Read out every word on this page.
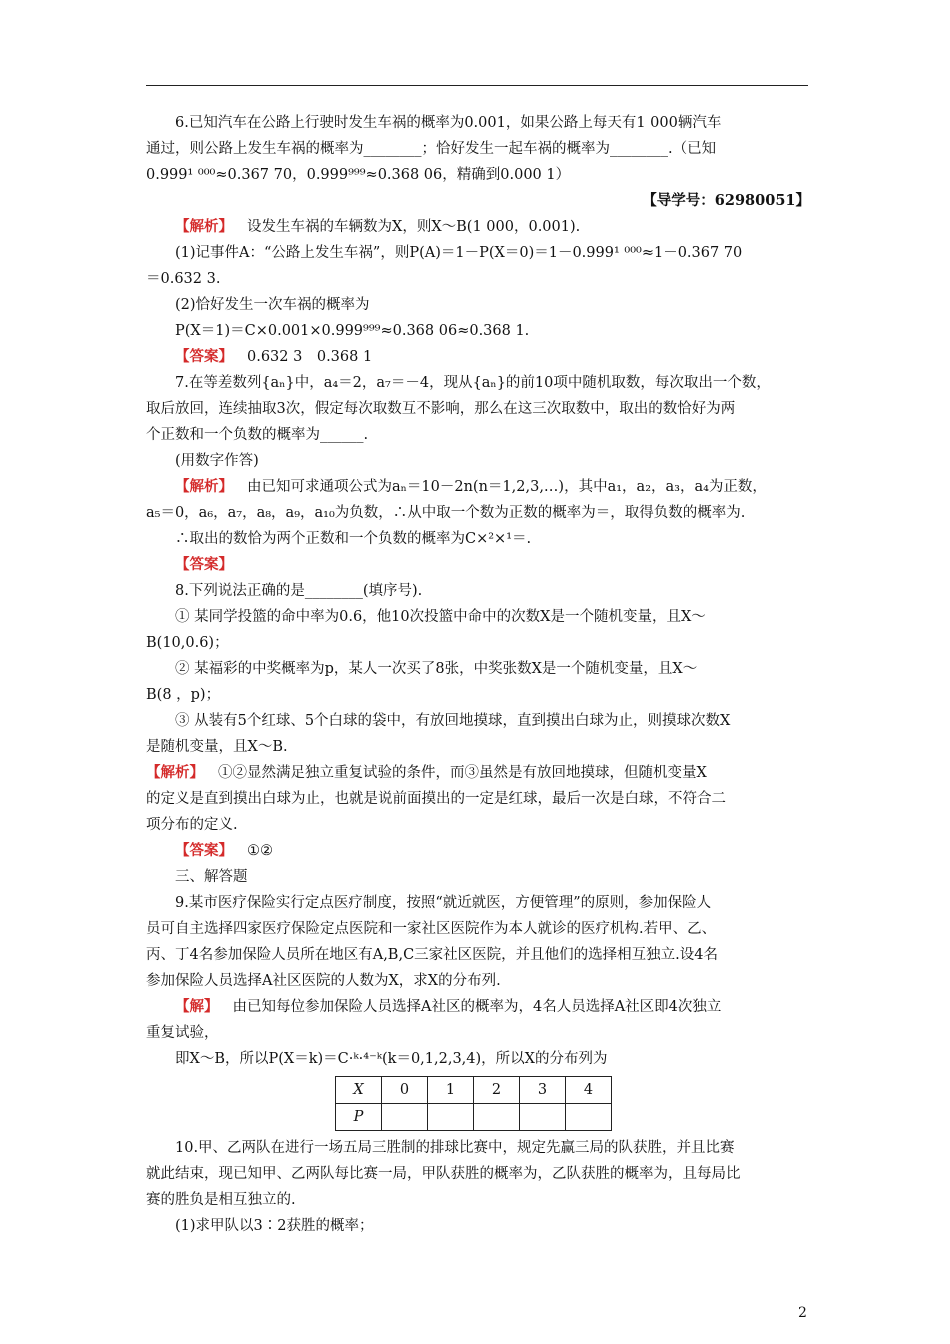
6.已知汽车在公路上行驶时发生车祸的概率为0.001，如果公路上每天有1 000辆汽车

通过，则公路上发生车祸的概率为________；恰好发生一起车祸的概率为________.（已知

0.999¹ ⁰⁰⁰≈0.367 70，0.999⁹⁹⁹≈0.368 06，精确到0.000 1）

【导学号：62980051】

【解析】 设发生车祸的车辆数为X，则X～B(1 000，0.001).

(1)记事件A：“公路上发生车祸”，则P(A)＝1－P(X＝0)＝1－0.999¹ ⁰⁰⁰≈1－0.367 70

＝0.632 3.

(2)恰好发生一次车祸的概率为

P(X＝1)＝C×0.001×0.999⁹⁹⁹≈0.368 06≈0.368 1.

【答案】 0.632 3　0.368 1

7.在等差数列{aₙ}中，a₄＝2，a₇＝－4，现从{aₙ}的前10项中随机取数，每次取出一个数，

取后放回，连续抽取3次，假定每次取数互不影响，那么在这三次取数中，取出的数恰好为两

个正数和一个负数的概率为______.

(用数字作答)

【解析】 由已知可求通项公式为aₙ＝10－2n(n＝1,2,3,…)，其中a₁，a₂，a₃，a₄为正数，

a₅＝0，a₆，a₇，a₈，a₉，a₁₀为负数，∴从中取一个数为正数的概率为＝，取得负数的概率为.

∴取出的数恰为两个正数和一个负数的概率为C×²×¹＝.

【答案】

8.下列说法正确的是________(填序号).

① 某同学投篮的命中率为0.6，他10次投篮中命中的次数X是一个随机变量，且X～

B(10,0.6)；

② 某福彩的中奖概率为p，某人一次买了8张，中奖张数X是一个随机变量，且X～

B(8 ，p)；

③ 从装有5个红球、5个白球的袋中，有放回地摸球，直到摸出白球为止，则摸球次数X

是随机变量，且X～B.

【解析】 ①②显然满足独立重复试验的条件，而③虽然是有放回地摸球，但随机变量X

的定义是直到摸出白球为止，也就是说前面摸出的一定是红球，最后一次是白球，不符合二

项分布的定义.

【答案】 ①②

三、解答题

9.某市医疗保险实行定点医疗制度，按照“就近就医，方便管理”的原则，参加保险人

员可自主选择四家医疗保险定点医院和一家社区医院作为本人就诊的医疗机构.若甲、乙、

丙、丁4名参加保险人员所在地区有A,B,C三家社区医院，并且他们的选择相互独立.设4名

参加保险人员选择A社区医院的人数为X，求X的分布列.

【解】 由已知每位参加保险人员选择A社区的概率为，4名人员选择A社区即4次独立

重复试验，

即X～B，所以P(X＝k)＝C·ᵏ·⁴⁻ᵏ(k＝0,1,2,3,4)，所以X的分布列为

X	0	1	2	3	4
P					

10.甲、乙两队在进行一场五局三胜制的排球比赛中，规定先赢三局的队获胜，并且比赛

就此结束，现已知甲、乙两队每比赛一局，甲队获胜的概率为，乙队获胜的概率为，且每局比

赛的胜负是相互独立的.

(1)求甲队以3∶2获胜的概率；

2
